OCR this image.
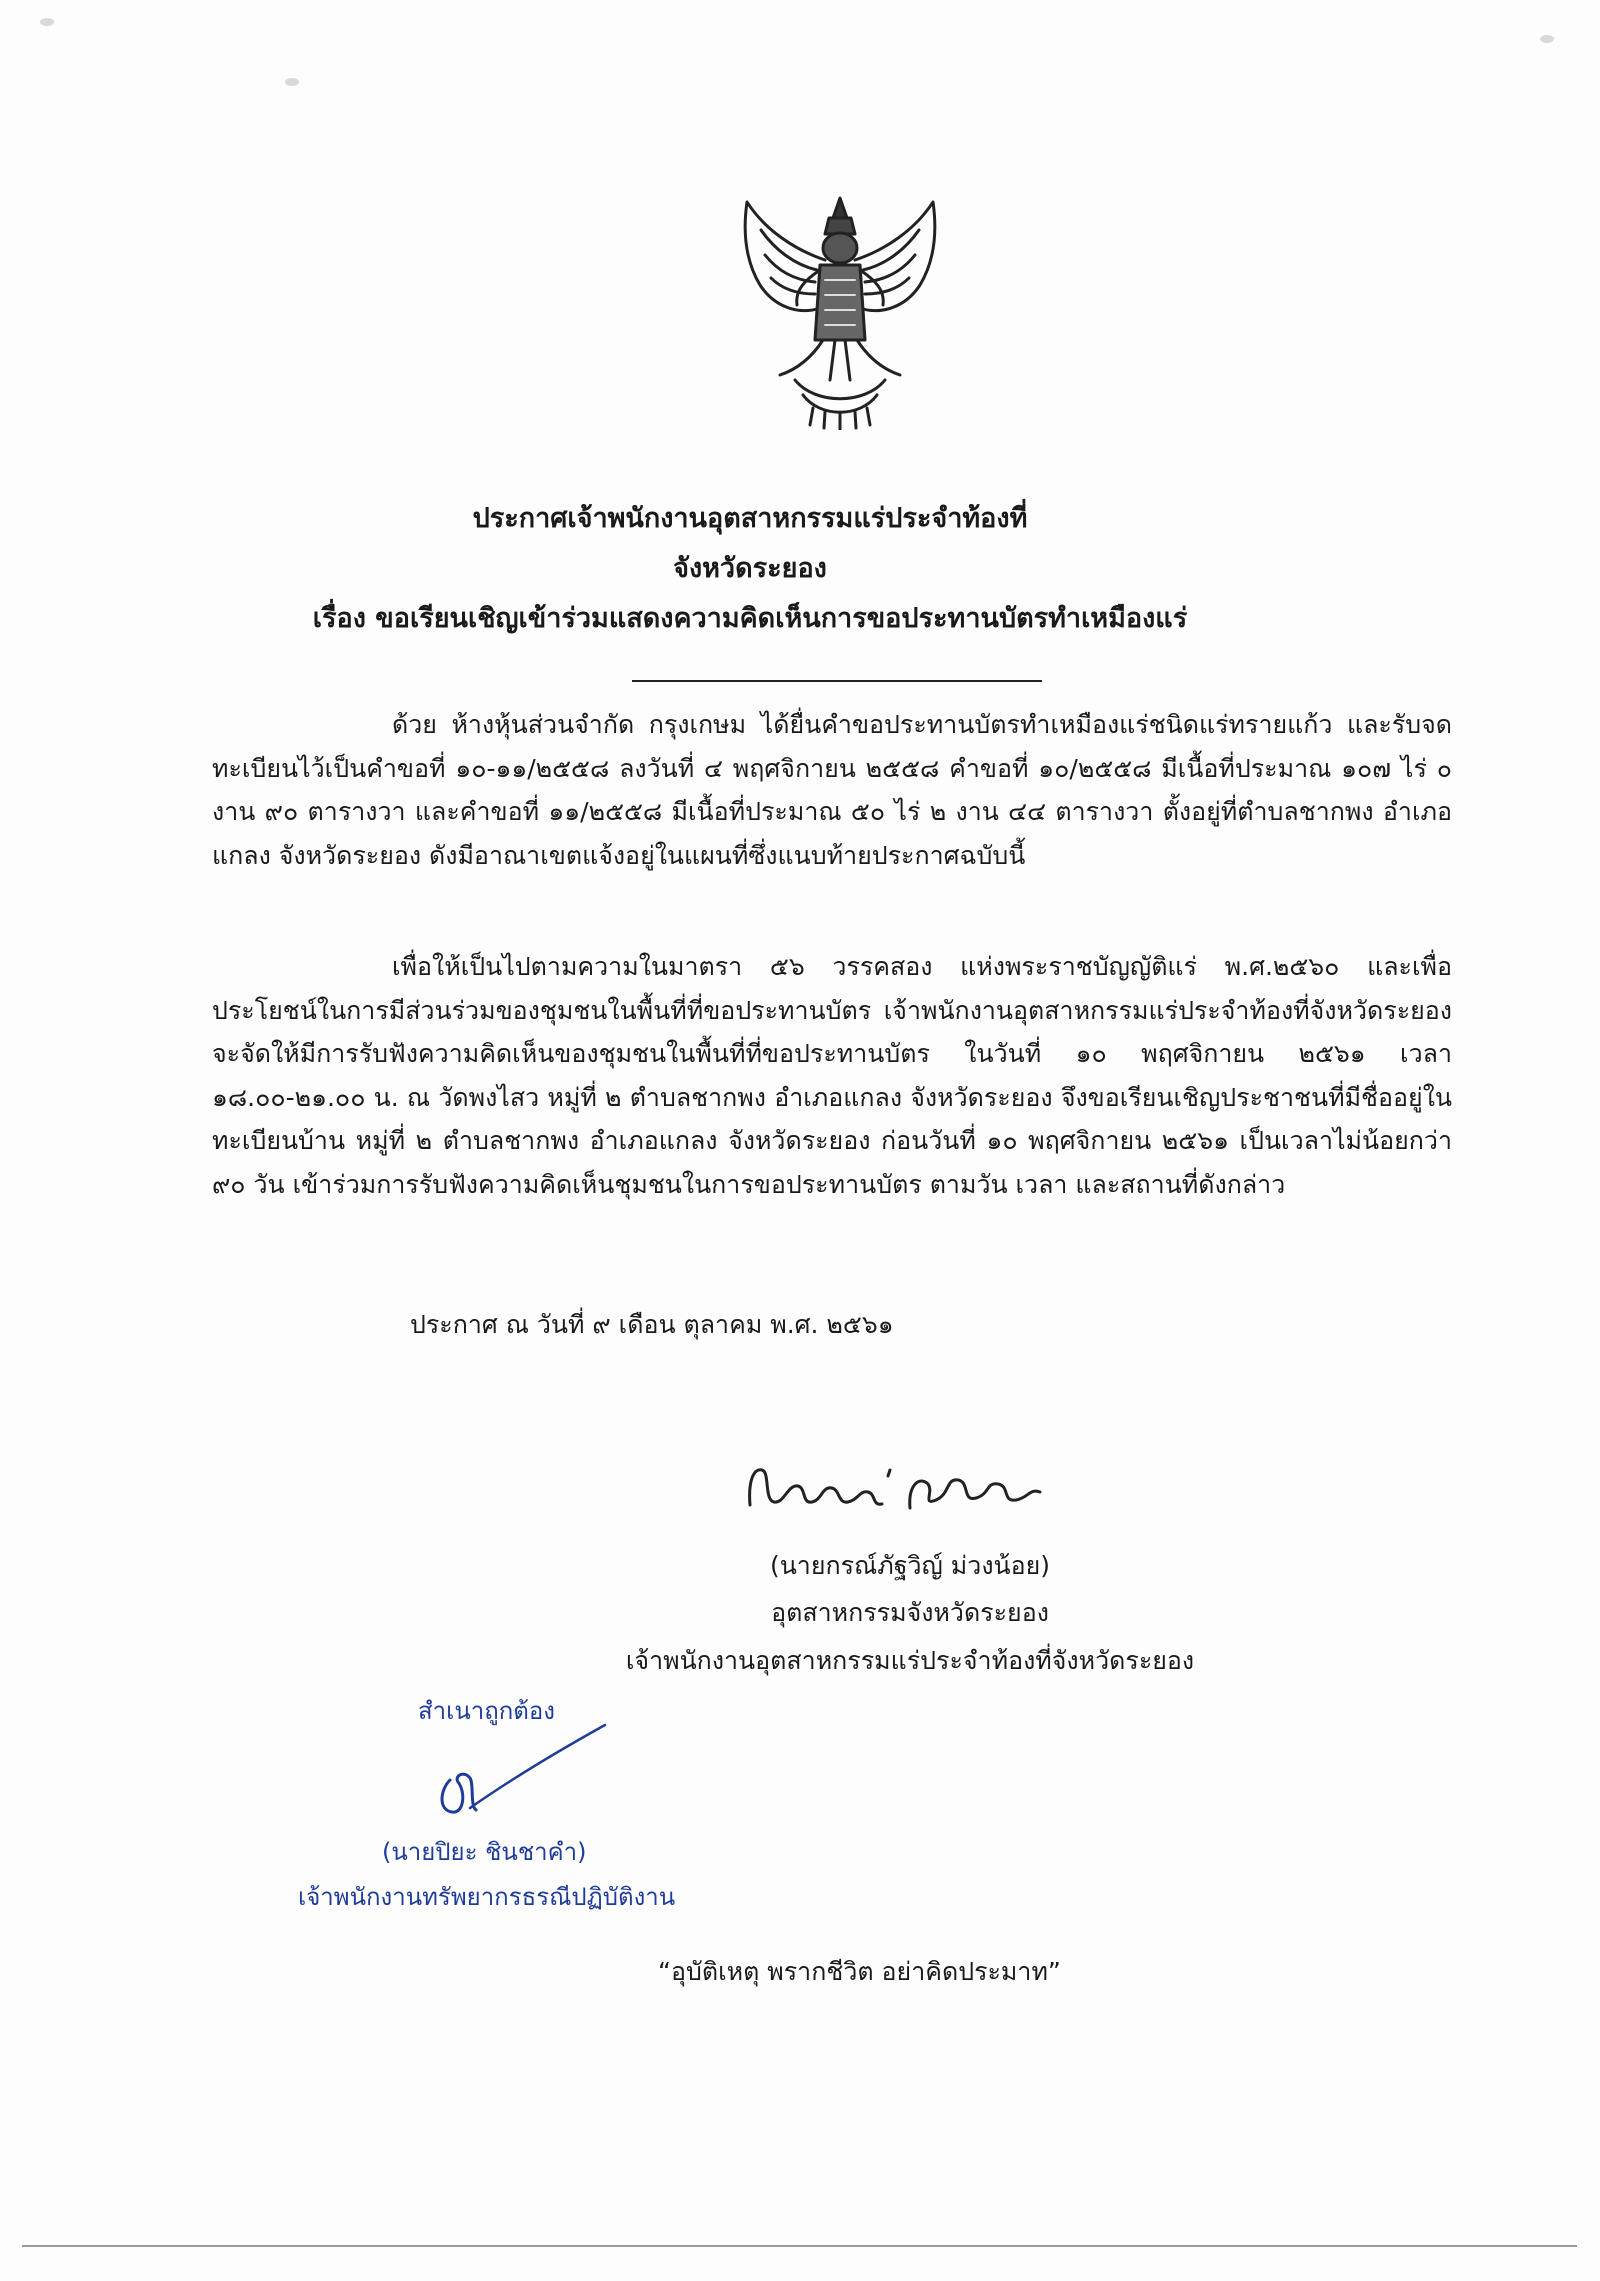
ประกาศเจ้าพนักงานอุตสาหกรรมแร่ประจำท้องที่
จังหวัดระยอง
เรื่อง ขอเรียนเชิญเข้าร่วมแสดงความคิดเห็นการขอประทานบัตรทำเหมืองแร่

ด้วย ห้างหุ้นส่วนจำกัด กรุงเกษม ได้ยื่นคำขอประทานบัตรทำเหมืองแร่ชนิดแร่ทรายแก้ว และรับจดทะเบียนไว้เป็นคำขอที่ ๑๐-๑๑/๒๕๕๘ ลงวันที่ ๔ พฤศจิกายน ๒๕๕๘ คำขอที่ ๑๐/๒๕๕๘ มีเนื้อที่ประมาณ ๑๐๗ ไร่ ๐ งาน ๙๐ ตารางวา และคำขอที่ ๑๑/๒๕๕๘ มีเนื้อที่ประมาณ ๕๐ ไร่ ๒ งาน ๔๔ ตารางวา ตั้งอยู่ที่ตำบลชากพง อำเภอแกลง จังหวัดระยอง ดังมีอาณาเขตแจ้งอยู่ในแผนที่ซึ่งแนบท้ายประกาศฉบับนี้

เพื่อให้เป็นไปตามความในมาตรา ๕๖ วรรคสอง แห่งพระราชบัญญัติแร่ พ.ศ.๒๕๖๐ และเพื่อประโยชน์ในการมีส่วนร่วมของชุมชนในพื้นที่ที่ขอประทานบัตร เจ้าพนักงานอุตสาหกรรมแร่ประจำท้องที่จังหวัดระยอง จะจัดให้มีการรับฟังความคิดเห็นของชุมชนในพื้นที่ที่ขอประทานบัตร ในวันที่ ๑๐ พฤศจิกายน ๒๕๖๑ เวลา ๑๘.๐๐-๒๑.๐๐ น. ณ วัดพงไสว หมู่ที่ ๒ ตำบลชากพง อำเภอแกลง จังหวัดระยอง จึงขอเรียนเชิญประชาชนที่มีชื่ออยู่ในทะเบียนบ้าน หมู่ที่ ๒ ตำบลชากพง อำเภอแกลง จังหวัดระยอง ก่อนวันที่ ๑๐ พฤศจิกายน ๒๕๖๑ เป็นเวลาไม่น้อยกว่า ๙๐ วัน เข้าร่วมการรับฟังความคิดเห็นชุมชนในการขอประทานบัตร ตามวัน เวลา และสถานที่ดังกล่าว

ประกาศ ณ วันที่ ๙ เดือน ตุลาคม พ.ศ. ๒๕๖๑
(นายกรณ์ภัฐวิญ์ ม่วงน้อย)
อุตสาหกรรมจังหวัดระยอง
เจ้าพนักงานอุตสาหกรรมแร่ประจำท้องที่จังหวัดระยอง
สำเนาถูกต้อง
(นายปิยะ ชินชาคำ)
เจ้าพนักงานทรัพยากรธรณีปฏิบัติงาน
“อุบัติเหตุ พรากชีวิต อย่าคิดประมาท”
